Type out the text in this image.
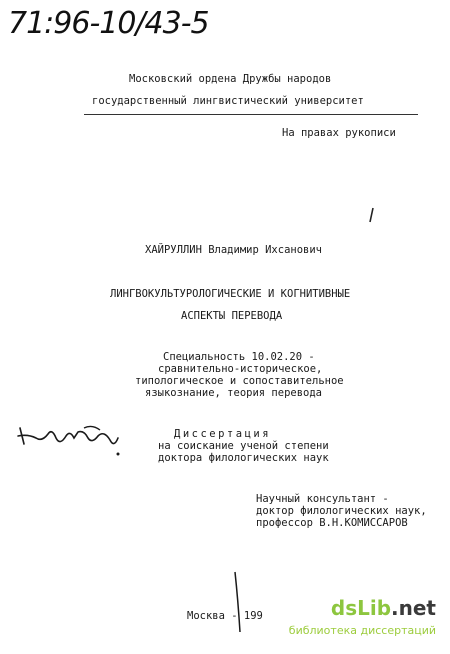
71:96-10/43-5
Московский ордена Дружбы народов
государственный лингвистический университет
На правах рукописи
ХАЙРУЛЛИН Владимир Ихсанович
ЛИНГВОКУЛЬТУРОЛОГИЧЕСКИЕ И КОГНИТИВНЫЕ
АСПЕКТЫ ПЕРЕВОДА
Специальность 10.02.20 -
сравнительно-историческое,
типологическое и сопоставительное
языкознание, теория перевода
Диссертация
на соискание ученой степени
доктора филологических наук
Научный консультант -
доктор филологических наук,
профессор В.Н.КОМИССАРОВ
Москва - 199	dsLib.net
библиотека диссертаций
